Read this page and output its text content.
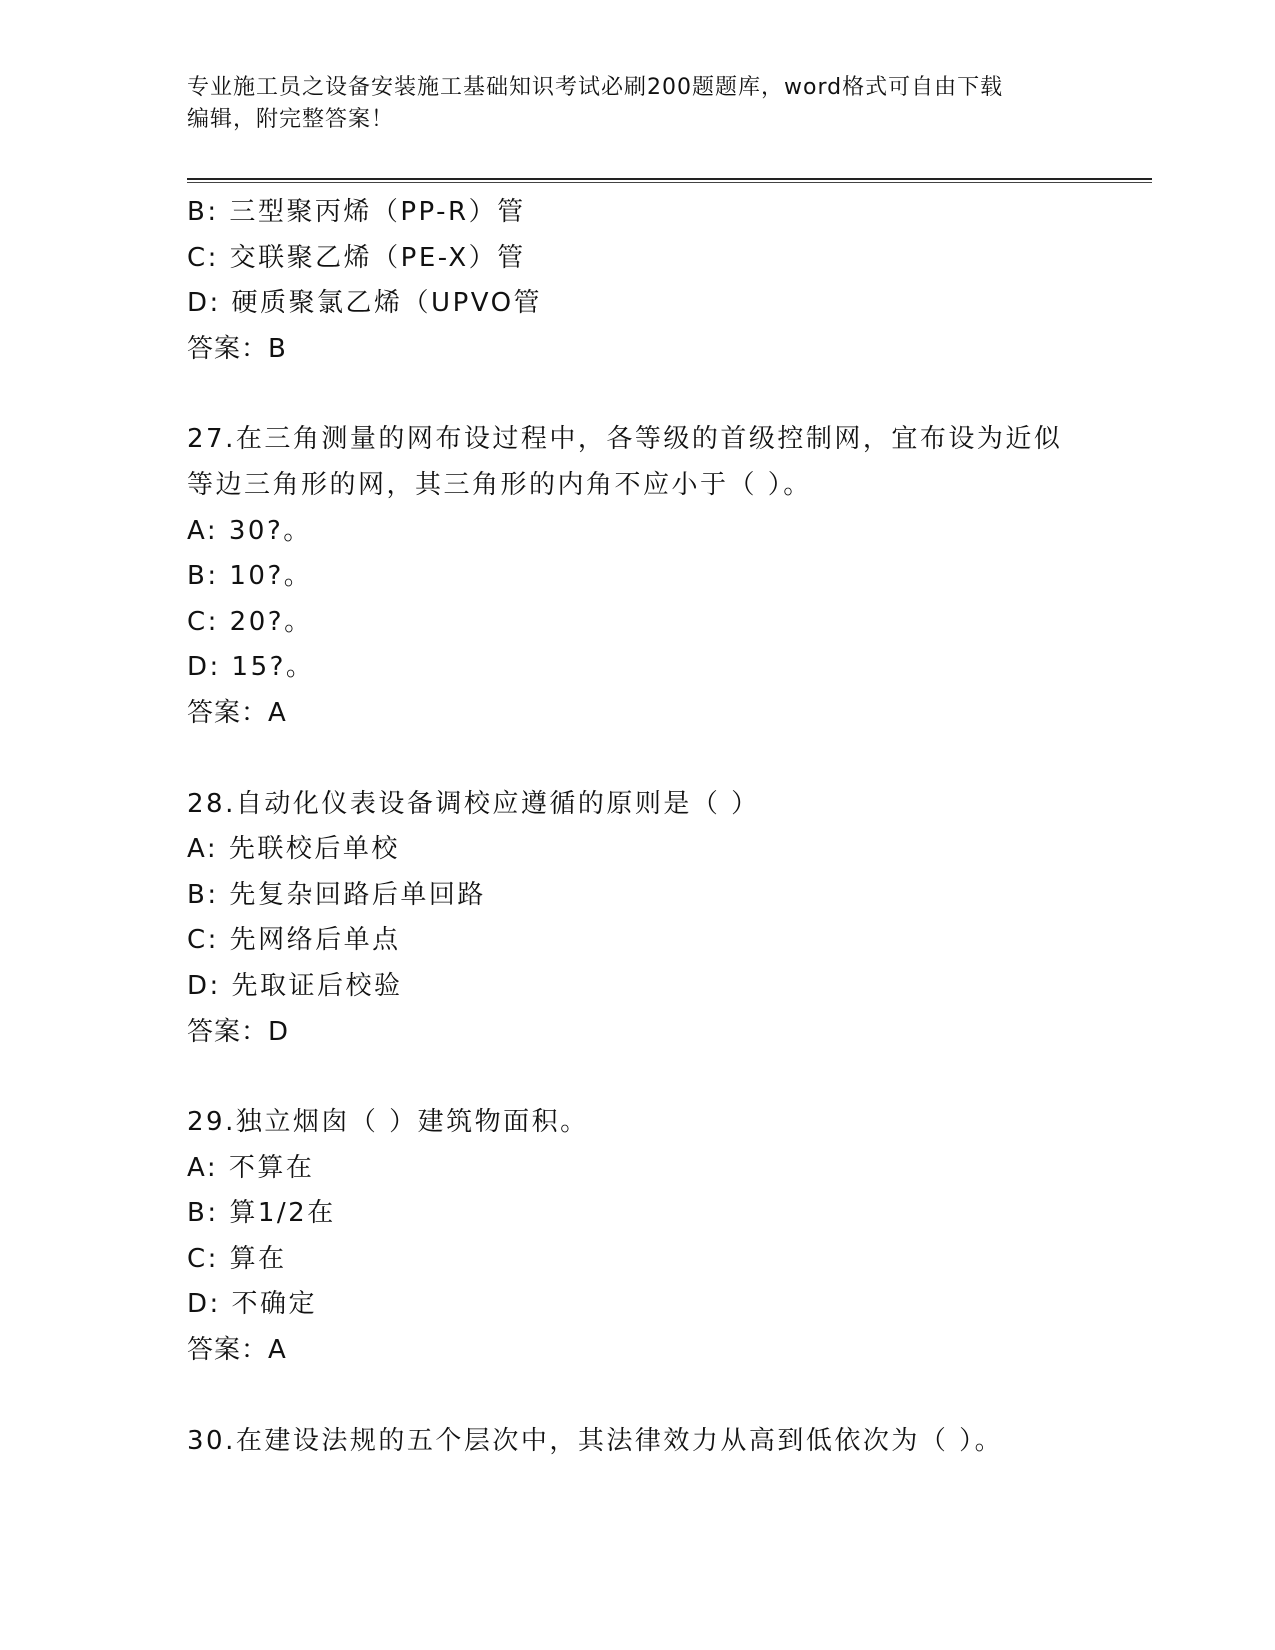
专业施工员之设备安装施工基础知识考试必刷200题题库，word格式可自由下载
编辑，附完整答案！
B: 三型聚丙烯（PP-R）管
C: 交联聚乙烯（PE-X）管
D: 硬质聚氯乙烯（UPVO管
答案：B
27.在三角测量的网布设过程中，各等级的首级控制网，宜布设为近似
等边三角形的网，其三角形的内角不应小于（ ）。
A: 30?。
B: 10?。
C: 20?。
D: 15?。
答案：A
28.自动化仪表设备调校应遵循的原则是（ ）
A: 先联校后单校
B: 先复杂回路后单回路
C: 先网络后单点
D: 先取证后校验
答案：D
29.独立烟囱（ ）建筑物面积。
A: 不算在
B: 算1/2在
C: 算在
D: 不确定
答案：A
30.在建设法规的五个层次中，其法律效力从高到低依次为（ ）。
